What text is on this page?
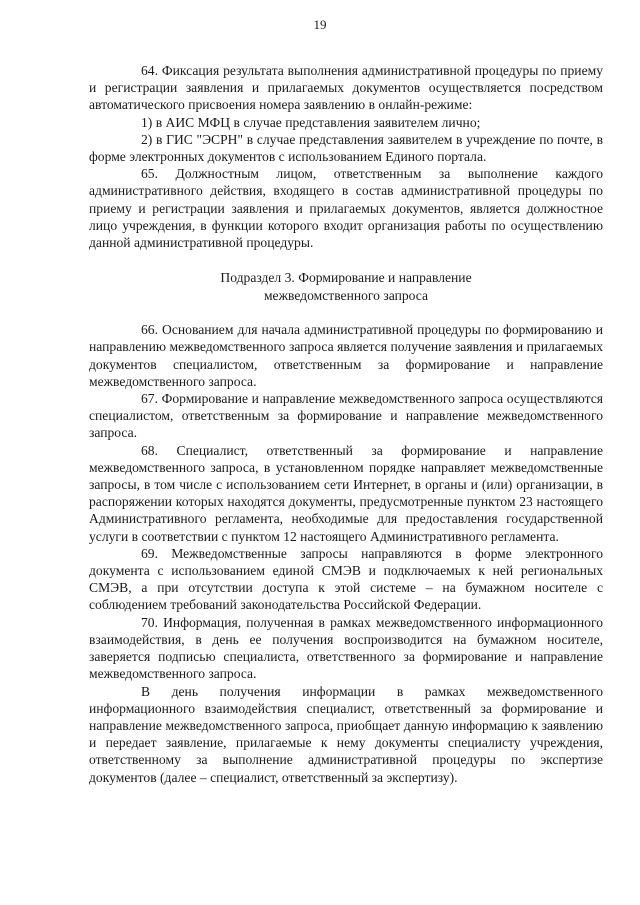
19

64. Фиксация результата выполнения административной процедуры по приему и регистрации заявления и прилагаемых документов осуществляется посредством автоматического присвоения номера заявлению в онлайн-режиме:

1) в АИС МФЦ в случае представления заявителем лично;

2) в ГИС "ЭСРН" в случае представления заявителем в учреждение по почте, в форме электронных документов с использованием Единого портала.

65. Должностным лицом, ответственным за выполнение каждого административного действия, входящего в состав административной процедуры по приему и регистрации заявления и прилагаемых документов, является должностное лицо учреждения, в функции которого входит организация работы по осуществлению данной административной процедуры.

Подраздел 3. Формирование и направление
межведомственного запроса

66. Основанием для начала административной процедуры по формированию и направлению межведомственного запроса является получение заявления и прилагаемых документов специалистом, ответственным за формирование и направление межведомственного запроса.

67. Формирование и направление межведомственного запроса осуществляются специалистом, ответственным за формирование и направление межведомственного запроса.

68. Специалист, ответственный за формирование и направление межведомственного запроса, в установленном порядке направляет межведомственные запросы, в том числе с использованием сети Интернет, в органы и (или) организации, в распоряжении которых находятся документы, предусмотренные пунктом 23 настоящего Административного регламента, необходимые для предоставления государственной услуги в соответствии с пунктом 12 настоящего Административного регламента.

69. Межведомственные запросы направляются в форме электронного документа с использованием единой СМЭВ и подключаемых к ней региональных СМЭВ, а при отсутствии доступа к этой системе – на бумажном носителе с соблюдением требований законодательства Российской Федерации.

70. Информация, полученная в рамках межведомственного информационного взаимодействия, в день ее получения воспроизводится на бумажном носителе, заверяется подписью специалиста, ответственного за формирование и направление межведомственного запроса.

В день получения информации в рамках межведомственного информационного взаимодействия специалист, ответственный за формирование и направление межведомственного запроса, приобщает данную информацию к заявлению и передает заявление, прилагаемые к нему документы специалисту учреждения, ответственному за выполнение административной процедуры по экспертизе документов (далее – специалист, ответственный за экспертизу).
